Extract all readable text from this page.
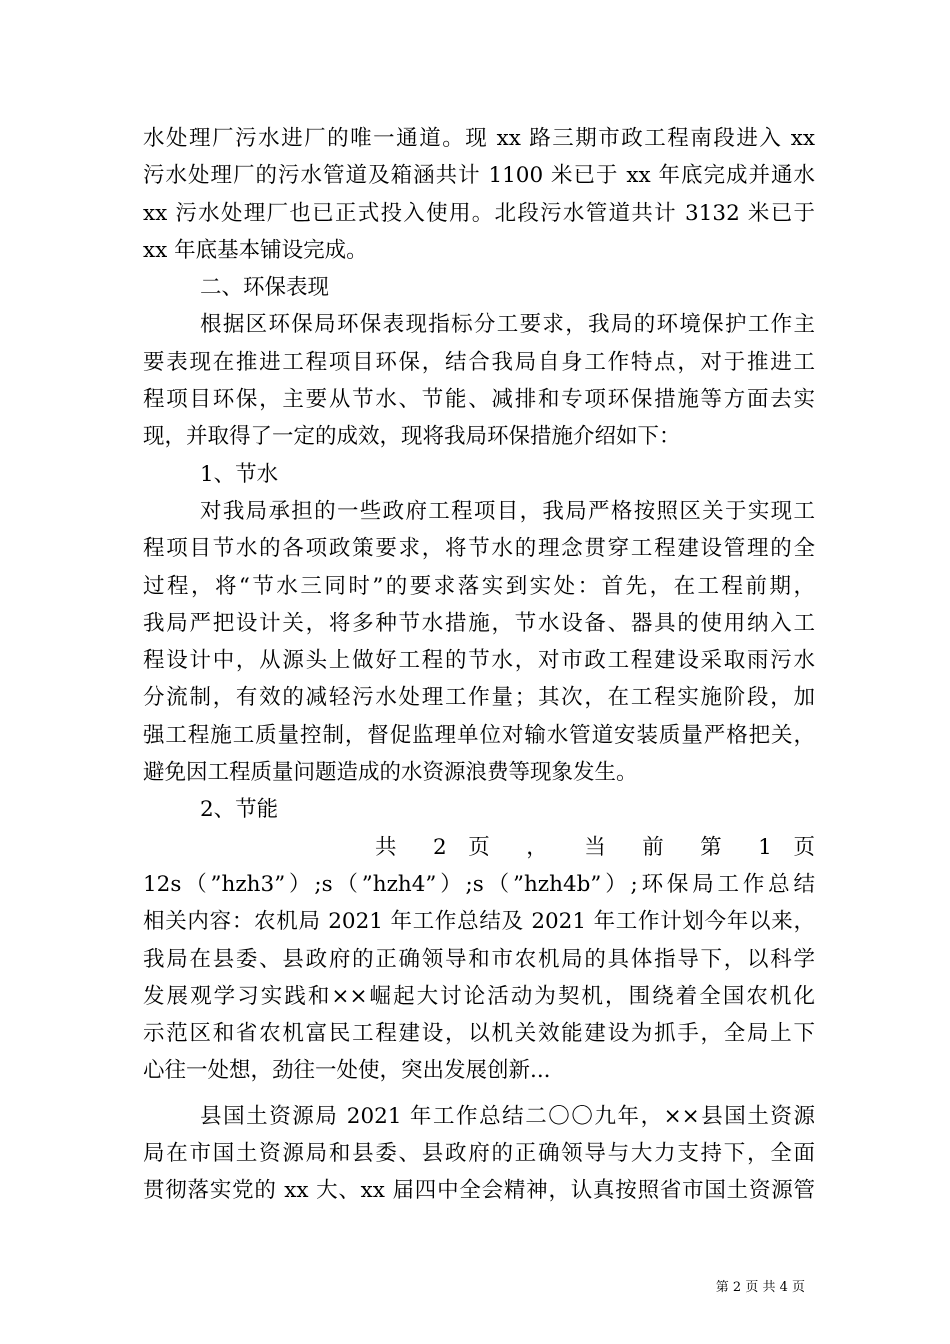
水处理厂污水进厂的唯一通道。现 xx 路三期市政工程南段进入 xx
污水处理厂的污水管道及箱涵共计 1100 米已于 xx 年底完成并通水
xx 污水处理厂也已正式投入使用。北段污水管道共计 3132 米已于
xx 年底基本铺设完成。
二、环保表现
根据区环保局环保表现指标分工要求，我局的环境保护工作主
要表现在推进工程项目环保，结合我局自身工作特点，对于推进工
程项目环保，主要从节水、节能、减排和专项环保措施等方面去实
现，并取得了一定的成效，现将我局环保措施介绍如下：
1、节水
对我局承担的一些政府工程项目，我局严格按照区关于实现工
程项目节水的各项政策要求，将节水的理念贯穿工程建设管理的全
过程，将“节水三同时”的要求落实到实处：首先，在工程前期，
我局严把设计关，将多种节水措施，节水设备、器具的使用纳入工
程设计中，从源头上做好工程的节水，对市政工程建设采取雨污水
分流制，有效的减轻污水处理工作量；其次，在工程实施阶段，加
强工程施工质量控制，督促监理单位对输水管道安装质量严格把关，
避免因工程质量问题造成的水资源浪费等现象发生。
2、节能
共 2 页 ， 当 前 第 1 页
12s（”hzh3”）;s（”hzh4”）;s（”hzh4b”）;环保局工作总结
相关内容：农机局 2021 年工作总结及 2021 年工作计划今年以来，
我局在县委、县政府的正确领导和市农机局的具体指导下，以科学
发展观学习实践和××崛起大讨论活动为契机，围绕着全国农机化
示范区和省农机富民工程建设，以机关效能建设为抓手，全局上下
心往一处想，劲往一处使，突出发展创新...
县国土资源局 2021 年工作总结二〇〇九年，××县国土资源
局在市国土资源局和县委、县政府的正确领导与大力支持下，全面
贯彻落实党的 xx 大、xx 届四中全会精神，认真按照省市国土资源管
第 2 页 共 4 页
